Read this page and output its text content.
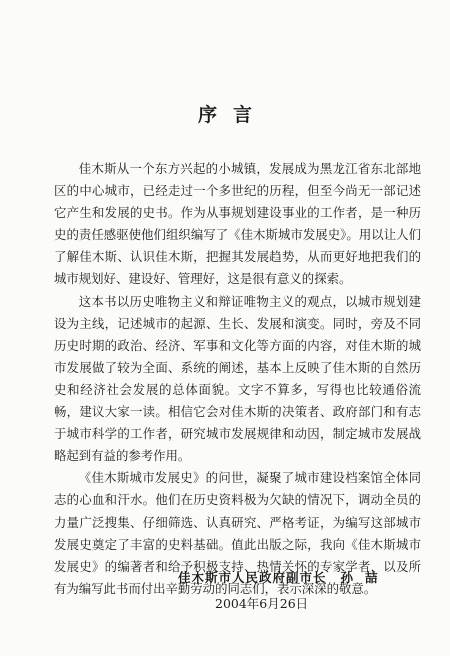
序言

佳木斯从一个东方兴起的小城镇，发展成为黑龙江省东北部地区的中心城市，已经走过一个多世纪的历程，但至今尚无一部记述它产生和发展的史书。作为从事规划建设事业的工作者，是一种历史的责任感驱使他们组织编写了《佳木斯城市发展史》。用以让人们了解佳木斯、认识佳木斯，把握其发展趋势，从而更好地把我们的城市规划好、建设好、管理好，这是很有意义的探索。

这本书以历史唯物主义和辩证唯物主义的观点，以城市规划建设为主线，记述城市的起源、生长、发展和演变。同时，旁及不同历史时期的政治、经济、军事和文化等方面的内容，对佳木斯的城市发展做了较为全面、系统的阐述，基本上反映了佳木斯的自然历史和经济社会发展的总体面貌。文字不算多，写得也比较通俗流畅，建议大家一读。相信它会对佳木斯的决策者、政府部门和有志于城市科学的工作者，研究城市发展规律和动因，制定城市发展战略起到有益的参考作用。

《佳木斯城市发展史》的问世，凝聚了城市建设档案馆全体同志的心血和汗水。他们在历史资料极为欠缺的情况下，调动全员的力量广泛搜集、仔细筛选、认真研究、严格考证，为编写这部城市发展史奠定了丰富的史料基础。值此出版之际，我向《佳木斯城市发展史》的编著者和给予积极支持、热情关怀的专家学者，以及所有为编写此书而付出辛勤劳动的同志们，表示深深的敬意。

佳木斯市人民政府副市长 孙喆
2004年6月26日
